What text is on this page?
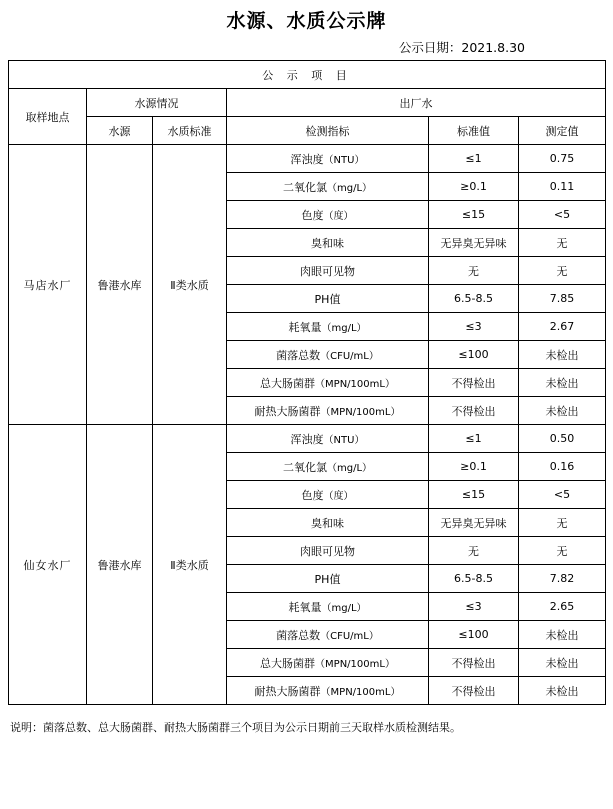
水源、水质公示牌
公示日期：2021.8.30
公 示 项 目					
取样地点	水源情况		出厂水		
	水源	水质标准	检测指标	标准值	测定值
马店水厂	鲁港水库	Ⅱ类水质	浑浊度（NTU）	≤1	0.75
			二氧化氯（mg/L）	≥0.1	0.11
			色度（度）	≤15	<5
			臭和味	无异臭无异味	无
			肉眼可见物	无	无
			PH值	6.5-8.5	7.85
			耗氧量（mg/L）	≤3	2.67
			菌落总数（CFU/mL）	≤100	未检出
			总大肠菌群（MPN/100mL）	不得检出	未检出
			耐热大肠菌群（MPN/100mL）	不得检出	未检出
仙女水厂	鲁港水库	Ⅱ类水质	浑浊度（NTU）	≤1	0.50
			二氧化氯（mg/L）	≥0.1	0.16
			色度（度）	≤15	<5
			臭和味	无异臭无异味	无
			肉眼可见物	无	无
			PH值	6.5-8.5	7.82
			耗氧量（mg/L）	≤3	2.65
			菌落总数（CFU/mL）	≤100	未检出
			总大肠菌群（MPN/100mL）	不得检出	未检出
			耐热大肠菌群（MPN/100mL）	不得检出	未检出
说明：菌落总数、总大肠菌群、耐热大肠菌群三个项目为公示日期前三天取样水质检测结果。
